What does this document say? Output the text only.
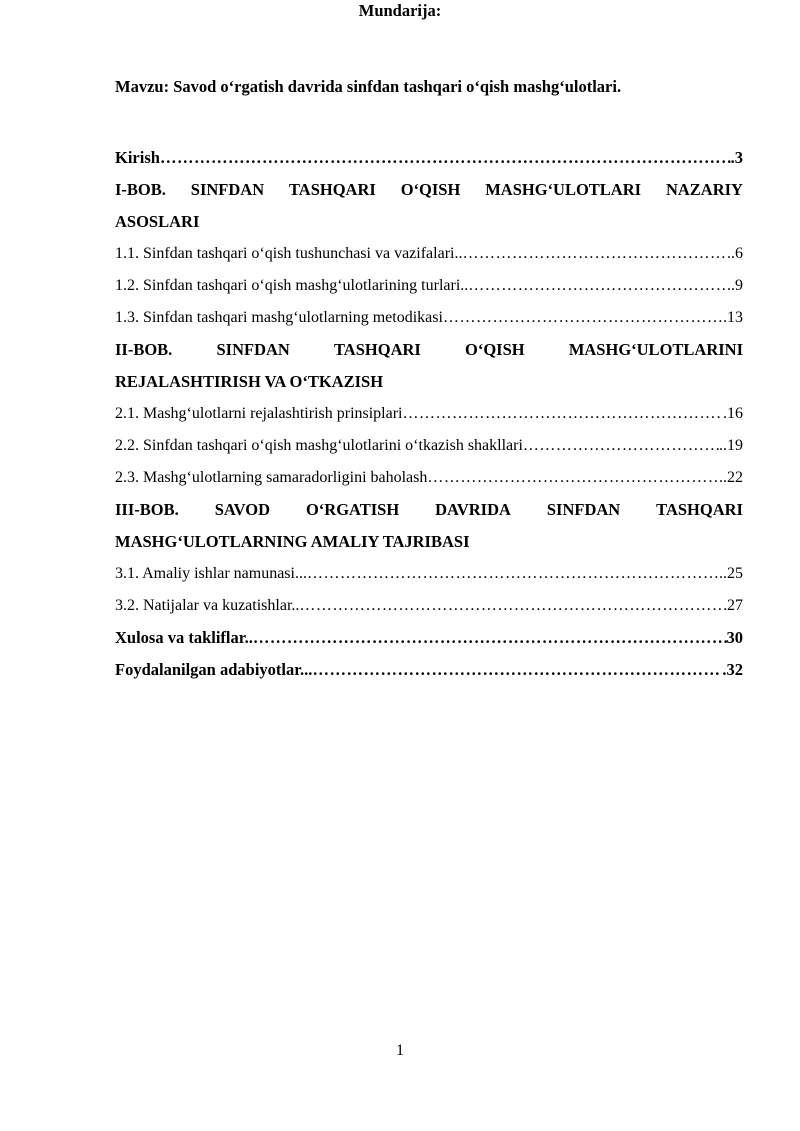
Mavzu: Savod o‘rgatish davrida sinfdan tashqari o‘qish mashg‘ulotlari.
Mundarija:
Kirish …………………………………………………………………………………………………………………………………………………………………………………………	.3
I-BOB. SINFDAN TASHQARI O‘QISH MASHG‘ULOTLARI NAZARIY
ASOSLARI
1.1. Sinfdan tashqari o‘qish tushunchasi va vazifalari.. …………………………………………………………………………………………………………………………………………………………………………………………	..6
1.2. Sinfdan tashqari o‘qish mashg‘ulotlarining turlari.. …………………………………………………………………………………………………………………………………………………………………………………………	..9
1.3. Sinfdan tashqari mashg‘ulotlarning metodikasi …………………………………………………………………………………………………………………………………………………………………………………………	.13
II-BOB.	SINFDAN	TASHQARI	O‘QISH	MASHG‘ULOTLARINI
REJALASHTIRISH VA O‘TKAZISH
2.1. Mashg‘ulotlarni rejalashtirish prinsiplari …………………………………………………………………………………………………………………………………………………………………………………………	.16
2.2. Sinfdan tashqari o‘qish mashg‘ulotlarini o‘tkazish shakllari …………………………………………………………………………………………………………………………………………………………………………………………	..19
2.3. Mashg‘ulotlarning samaradorligini baholash …………………………………………………………………………………………………………………………………………………………………………………………	..22
III-BOB. SAVOD O‘RGATISH DAVRIDA SINFDAN TASHQARI
MASHG‘ULOTLARNING AMALIY TAJRIBASI
3.1. Amaliy ishlar namunasi... …………………………………………………………………………………………………………………………………………………………………………………………	..25
3.2. Natijalar va kuzatishlar.. …………………………………………………………………………………………………………………………………………………………………………………………	27
Xulosa va takliflar.. …………………………………………………………………………………………………………………………………………………………………………………………	30
Foydalanilgan adabiyotlar... …………………………………………………………………………………………………………………………………………………………………………………………	.32
1
